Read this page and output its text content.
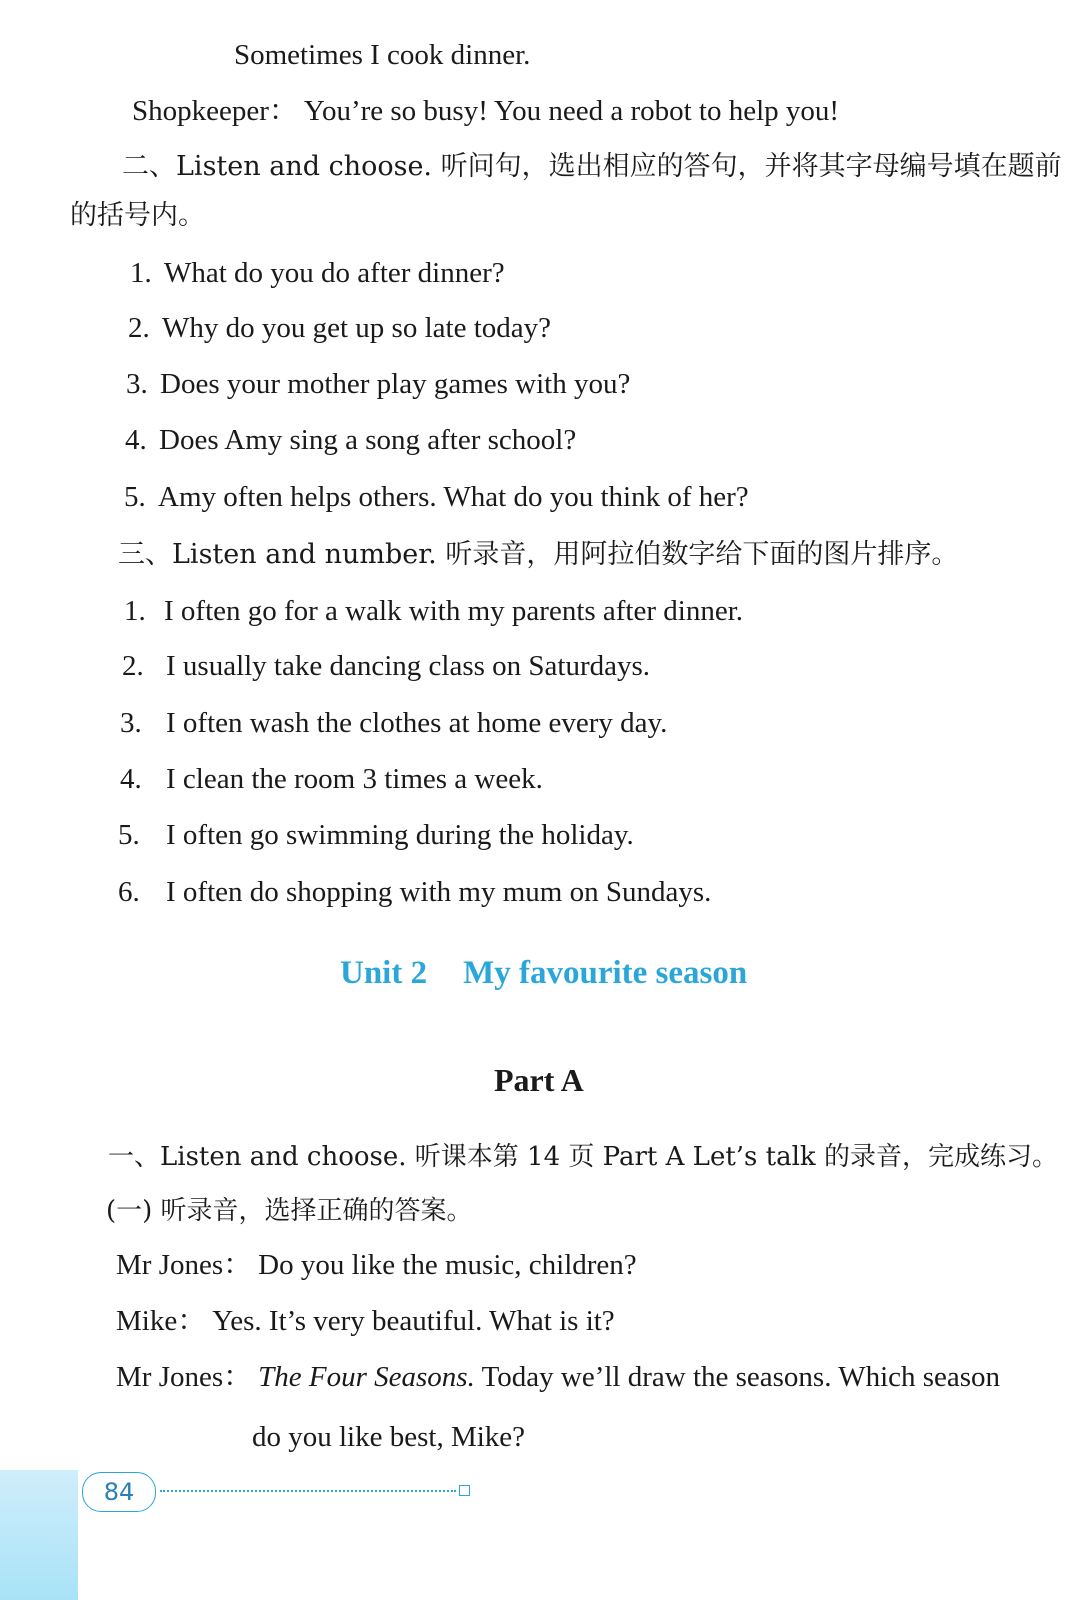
Sometimes I cook dinner.
Shopkeeper： You’re so busy! You need a robot to help you!
二、Listen and choose. 听问句，选出相应的答句，并将其字母编号填在题前
的括号内。
1. What do you do after dinner?
2. Why do you get up so late today?
3. Does your mother play games with you?
4. Does Amy sing a song after school?
5. Amy often helps others. What do you think of her?
三、Listen and number. 听录音，用阿拉伯数字给下面的图片排序。
1. I often go for a walk with my parents after dinner.
2. I usually take dancing class on Saturdays.
3. I often wash the clothes at home every day.
4. I clean the room 3 times a week.
5. I often go swimming during the holiday.
6. I often do shopping with my mum on Sundays.
Unit 2 My favourite season
Part A
一、Listen and choose. 听课本第 14 页 Part A Let’s talk 的录音，完成练习。
(一) 听录音，选择正确的答案。
Mr Jones： Do you like the music, children?
Mike： Yes. It’s very beautiful. What is it?
Mr Jones： The Four Seasons. Today we’ll draw the seasons. Which season
do you like best, Mike?
84
